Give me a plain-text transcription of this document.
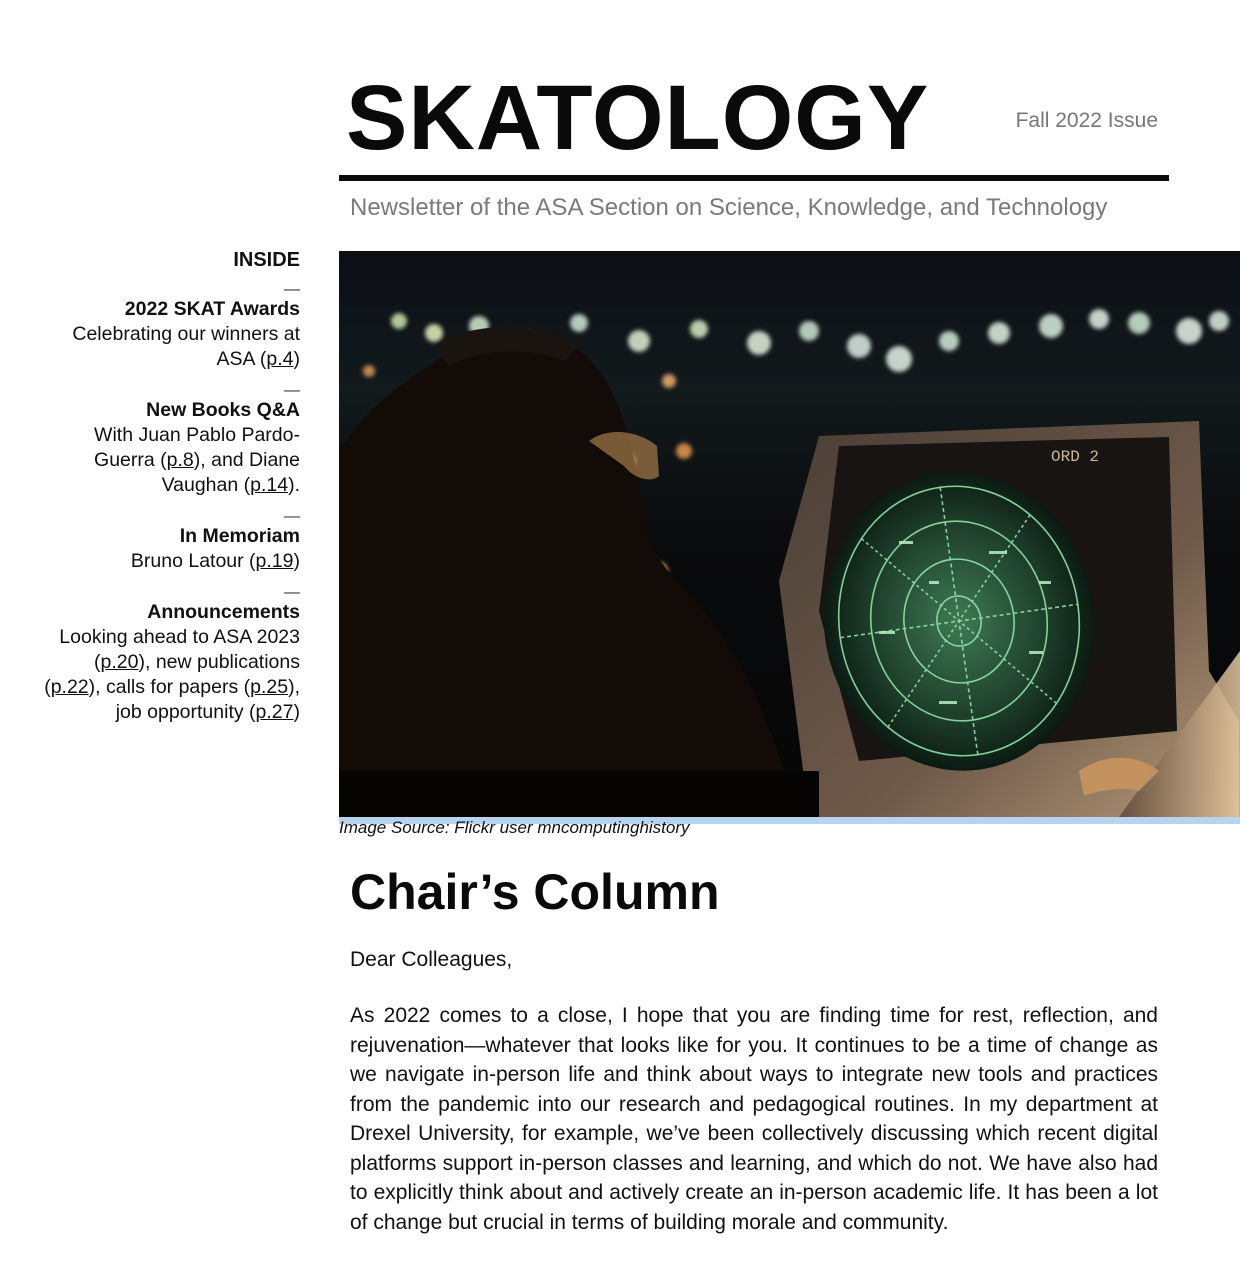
SKATOLOGY	Fall 2022 Issue
Newsletter of the ASA Section on Science, Knowledge, and Technology
INSIDE
—
2022 SKAT Awards
Celebrating our winners at ASA (p.4)
—
New Books Q&A
With Juan Pablo Pardo-Guerra (p.8), and Diane Vaughan (p.14).
—
In Memoriam
Bruno Latour (p.19)
—
Announcements
Looking ahead to ASA 2023 (p.20), new publications (p.22), calls for papers (p.25), job opportunity (p.27)
ORD 2
Image Source: Flickr user mncomputinghistory
Chair’s Column

Dear Colleagues,

As 2022 comes to a close, I hope that you are finding time for rest, reflection, and rejuvenation—whatever that looks like for you. It continues to be a time of change as we navigate in-person life and think about ways to integrate new tools and practices from the pandemic into our research and pedagogical routines. In my department at Drexel University, for example, we’ve been collectively discussing which recent digital platforms support in-person classes and learning, and which do not. We have also had to explicitly think about and actively create an in-person academic life. It has been a lot of change but crucial in terms of building morale and community.
